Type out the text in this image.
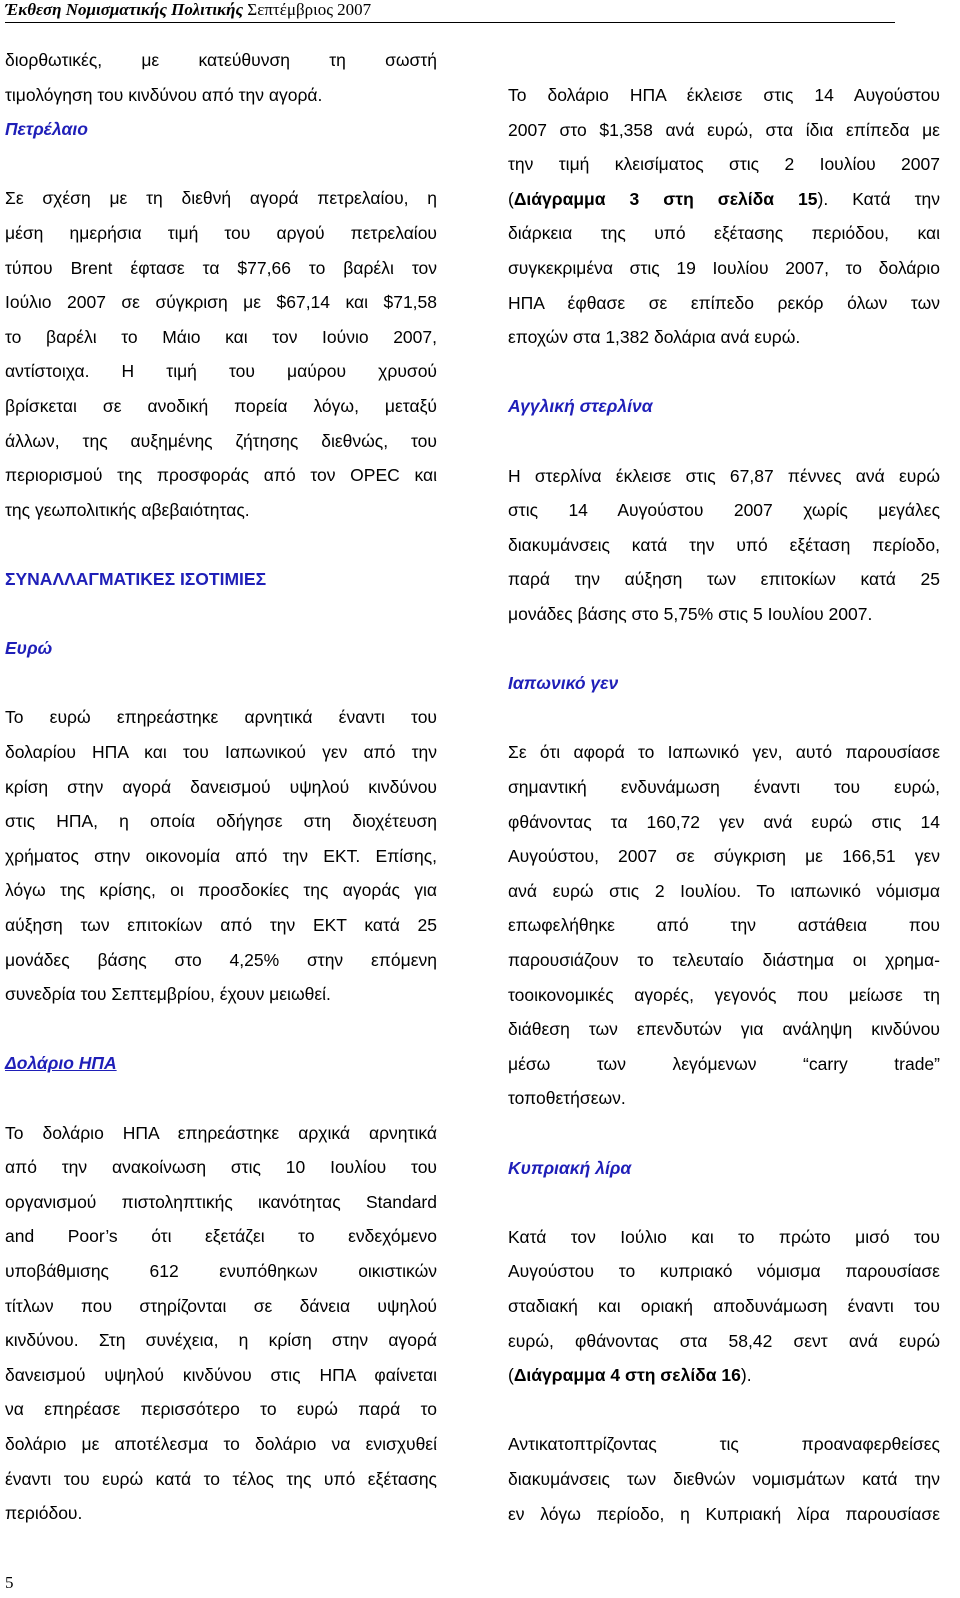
Έκθεση Νομισματικής Πολιτικής Σεπτέμβριος 2007
διορθωτικές, με κατεύθυνση τη σωστή
τιμολόγηση του κινδύνου από την αγορά.
Πετρέλαιο
Σε σχέση με τη διεθνή αγορά πετρελαίου, η
μέση ημερήσια τιμή του αργού πετρελαίου
τύπου Brent έφτασε τα $77,66 το βαρέλι τον
Ιούλιο 2007 σε σύγκριση με $67,14 και $71,58
το βαρέλι το Μάιο και τον Ιούνιο 2007,
αντίστοιχα. Η τιμή του μαύρου χρυσού
βρίσκεται σε ανοδική πορεία λόγω, μεταξύ
άλλων, της αυξημένης ζήτησης διεθνώς, του
περιορισμού της προσφοράς από τον OPEC και
της γεωπολιτικής αβεβαιότητας.
ΣΥΝΑΛΛΑΓΜΑΤΙΚΕΣ ΙΣΟΤΙΜΙΕΣ
Ευρώ
Το ευρώ επηρεάστηκε αρνητικά έναντι του
δολαρίου ΗΠΑ και του Ιαπωνικού γεν από την
κρίση στην αγορά δανεισμού υψηλού κινδύνου
στις ΗΠΑ, η οποία οδήγησε στη διοχέτευση
χρήματος στην οικονομία από την ΕΚΤ. Επίσης,
λόγω της κρίσης, οι προσδοκίες της αγοράς για
αύξηση των επιτοκίων από την ΕΚΤ κατά 25
μονάδες βάσης στο 4,25% στην επόμενη
συνεδρία του Σεπτεμβρίου, έχουν μειωθεί.
Δολάριο ΗΠΑ
Το δολάριο ΗΠΑ επηρεάστηκε αρχικά αρνητικά
από την ανακοίνωση στις 10 Ιουλίου του
οργανισμού πιστοληπτικής ικανότητας Standard
and Poor’s ότι εξετάζει το ενδεχόμενο
υποβάθμισης 612 ενυπόθηκων οικιστικών
τίτλων που στηρίζονται σε δάνεια υψηλού
κινδύνου. Στη συνέχεια, η κρίση στην αγορά
δανεισμού υψηλού κινδύνου στις ΗΠΑ φαίνεται
να επηρέασε περισσότερο το ευρώ παρά το
δολάριο με αποτέλεσμα το δολάριο να ενισχυθεί
έναντι του ευρώ κατά το τέλος της υπό εξέτασης
περιόδου.
Το δολάριο ΗΠΑ έκλεισε στις 14 Αυγούστου
2007 στο $1,358 ανά ευρώ, στα ίδια επίπεδα με
την τιμή κλεισίματος στις 2 Ιουλίου 2007
(Διάγραμμα 3 στη σελίδα 15). Κατά την
διάρκεια της υπό εξέτασης περιόδου, και
συγκεκριμένα στις 19 Ιουλίου 2007, το δολάριο
ΗΠΑ έφθασε σε επίπεδο ρεκόρ όλων των
εποχών στα 1,382 δολάρια ανά ευρώ.
Αγγλική στερλίνα
Η στερλίνα έκλεισε στις 67,87 πέννες ανά ευρώ
στις 14 Αυγούστου 2007 χωρίς μεγάλες
διακυμάνσεις κατά την υπό εξέταση περίοδο,
παρά την αύξηση των επιτοκίων κατά 25
μονάδες βάσης στο 5,75% στις 5 Ιουλίου 2007.
Ιαπωνικό γεν
Σε ότι αφορά το Ιαπωνικό γεν, αυτό παρουσίασε
σημαντική ενδυνάμωση έναντι του ευρώ,
φθάνοντας τα 160,72 γεν ανά ευρώ στις 14
Αυγούστου, 2007 σε σύγκριση με 166,51 γεν
ανά ευρώ στις 2 Ιουλίου. Το ιαπωνικό νόμισμα
επωφελήθηκε από την αστάθεια που
παρουσιάζουν το τελευταίο διάστημα οι χρημα-
τοοικονομικές αγορές, γεγονός που μείωσε τη
διάθεση των επενδυτών για ανάληψη κινδύνου
μέσω των λεγόμενων “carry trade”
τοποθετήσεων.
Κυπριακή λίρα
Κατά τον Ιούλιο και το πρώτο μισό του
Αυγούστου το κυπριακό νόμισμα παρουσίασε
σταδιακή και οριακή αποδυνάμωση έναντι του
ευρώ, φθάνοντας στα 58,42 σεντ ανά ευρώ
(Διάγραμμα 4 στη σελίδα 16).
Αντικατοπτρίζοντας τις προαναφερθείσες
διακυμάνσεις των διεθνών νομισμάτων κατά την
εν λόγω περίοδο, η Κυπριακή λίρα παρουσίασε
5
